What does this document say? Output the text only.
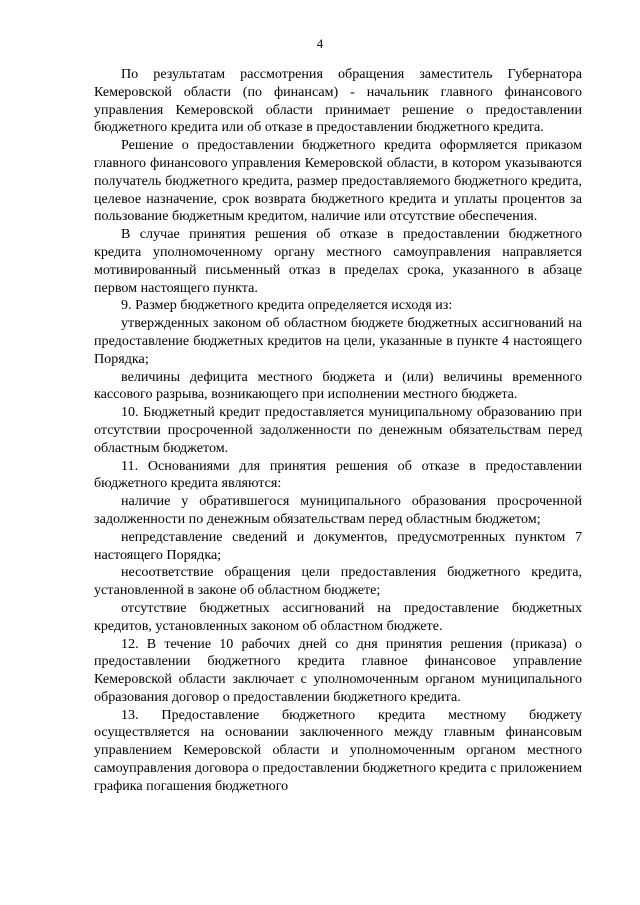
4

По результатам рассмотрения обращения заместитель Губернатора Кемеровской области (по финансам) - начальник главного финансового управления Кемеровской области принимает решение о предоставлении бюджетного кредита или об отказе в предоставлении бюджетного кредита.

Решение о предоставлении бюджетного кредита оформляется приказом главного финансового управления Кемеровской области, в котором указываются получатель бюджетного кредита, размер предоставляемого бюджетного кредита, целевое назначение, срок возврата бюджетного кредита и уплаты процентов за пользование бюджетным кредитом, наличие или отсутствие обеспечения.

В случае принятия решения об отказе в предоставлении бюджетного кредита уполномоченному органу местного самоуправления направляется мотивированный письменный отказ в пределах срока, указанного в абзаце первом настоящего пункта.

9. Размер бюджетного кредита определяется исходя из:

утвержденных законом об областном бюджете бюджетных ассигнований на предоставление бюджетных кредитов на цели, указанные в пункте 4 настоящего Порядка;

величины дефицита местного бюджета и (или) величины временного кассового разрыва, возникающего при исполнении местного бюджета.

10. Бюджетный кредит предоставляется муниципальному образованию при отсутствии просроченной задолженности по денежным обязательствам перед областным бюджетом.

11. Основаниями для принятия решения об отказе в предоставлении бюджетного кредита являются:

наличие у обратившегося муниципального образования просроченной задолженности по денежным обязательствам перед областным бюджетом;

непредставление сведений и документов, предусмотренных пунктом 7 настоящего Порядка;

несоответствие обращения цели предоставления бюджетного кредита, установленной в законе об областном бюджете;

отсутствие бюджетных ассигнований на предоставление бюджетных кредитов, установленных законом об областном бюджете.

12. В течение 10 рабочих дней со дня принятия решения (приказа) о предоставлении бюджетного кредита главное финансовое управление Кемеровской области заключает с уполномоченным органом муниципального образования договор о предоставлении бюджетного кредита.

13. Предоставление бюджетного кредита местному бюджету осуществляется на основании заключенного между главным финансовым управлением Кемеровской области и уполномоченным органом местного самоуправления договора о предоставлении бюджетного кредита с приложением графика погашения бюджетного
